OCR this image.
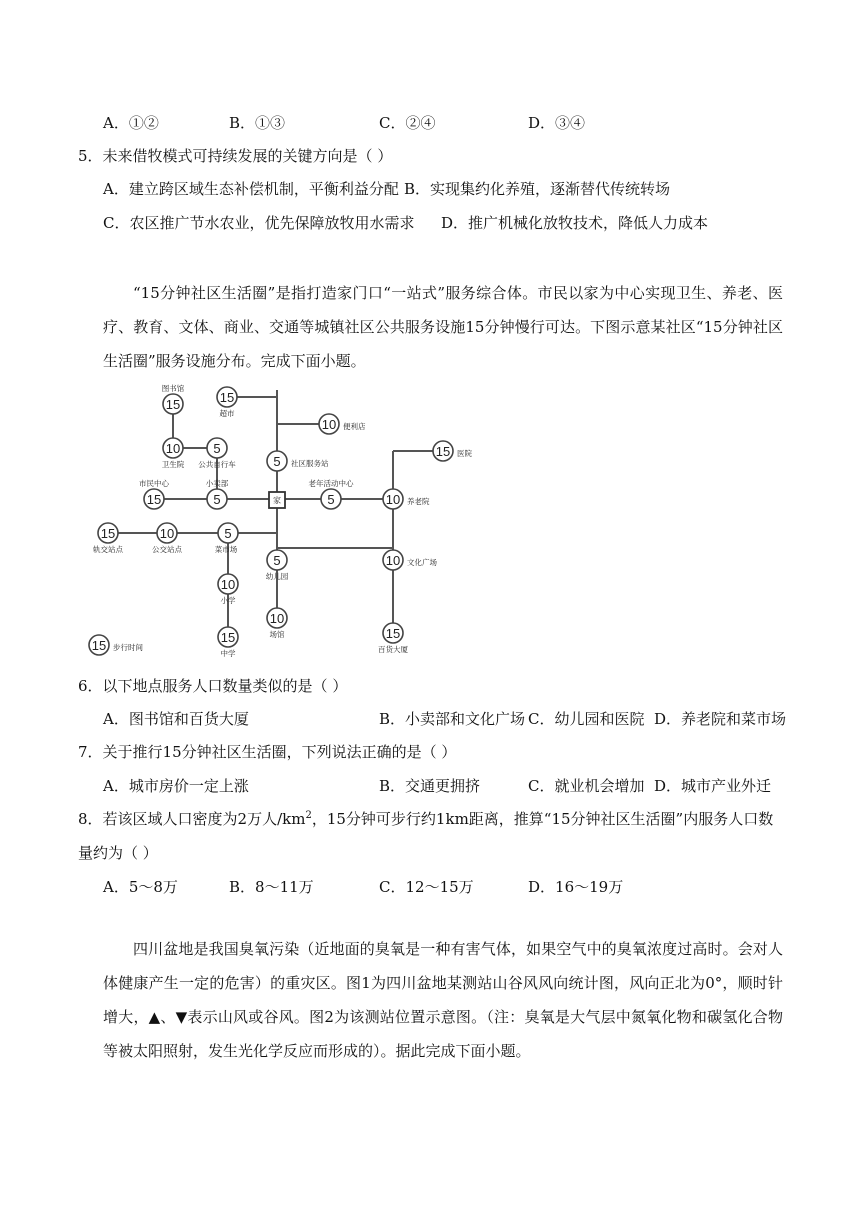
A．①②	B．①③	C．②④	D．③④
5．未来借牧模式可持续发展的关键方向是（ ）
A．建立跨区域生态补偿机制，平衡利益分配 B．实现集约化养殖，逐渐替代传统转场
C．农区推广节水农业，优先保障放牧用水需求 D．推广机械化放牧技术，降低人力成本

“15分钟社区生活圈”是指打造家门口“一站式”服务综合体。市民以家为中心实现卫生、养老、医疗、教育、文体、商业、交通等城镇社区公共服务设施15分钟慢行可达。下图示意某社区“15分钟社区生活圈”服务设施分布。完成下面小题。

15
图书馆
15
超市
10 便利店
10
卫生院
5
公共自行车	5 社区服务站
15 医院
15
市民中心
5
小卖部
5
老年活动中心
10 养老院
15
轨交站点
10
公交站点
5
菜市场
5
幼儿园
10 文化广场
10
小学
10
场馆
15
中学
15
百货大厦
15 步行时间
家
6．以下地点服务人口数量类似的是（ ）
A．图书馆和百货大厦	B．小卖部和文化广场 C．幼儿园和医院 D．养老院和菜市场
7．关于推行15分钟社区生活圈，下列说法正确的是（ ）
A．城市房价一定上涨	B．交通更拥挤	C．就业机会增加 D．城市产业外迁
8．若该区域人口密度为2万人$/km^2$，15分钟可步行约1km距离，推算“15分钟社区生活圈”内服务人口数
量约为（ ）
A．5～8万	B．8～11万	C．12～15万	D．16～19万

四川盆地是我国臭氧污染（近地面的臭氧是一种有害气体，如果空气中的臭氧浓度过高时。会对人体健康产生一定的危害）的重灾区。图1为四川盆地某测站山谷风风向统计图，风向正北为0°，顺时针增大，▲、▼表示山风或谷风。图2为该测站位置示意图。（注：臭氧是大气层中氮氧化物和碳氢化合物等被太阳照射，发生光化学反应而形成的）。据此完成下面小题。
